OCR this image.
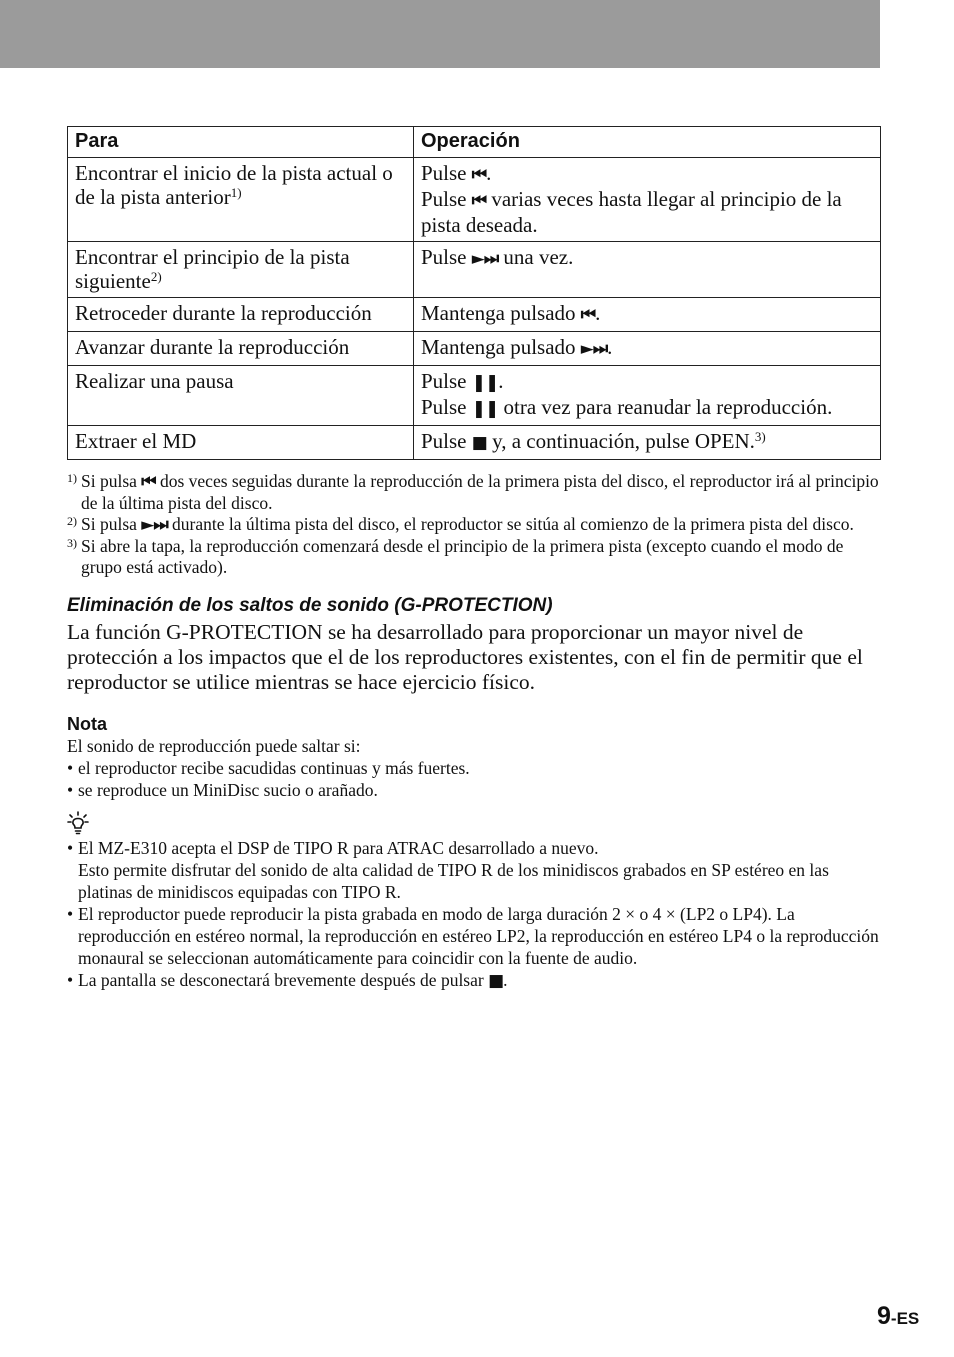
Para	Operación
Encontrar el inicio de la pista actual o de la pista anterior$^{1)}$	Pulse ⏮.
Pulse ⏮ varias veces hasta llegar al principio de la pista deseada.

Encontrar el principio de la pista siguiente$^{2)}$	Pulse ►⏭ una vez.

Retroceder durante la reproducción	Mantenga pulsado ⏮.

Avanzar durante la reproducción	Mantenga pulsado ►⏭.

Realizar una pausa	Pulse ❚❚.
Pulse ❚❚ otra vez para reanudar la reproducción.

Extraer el MD	Pulse ■ y, a continuación, pulse OPEN.$^{3)}$
1) Si pulsa ⏮ dos veces seguidas durante la reproducción de la primera pista del disco, el reproductor irá al principio de la última pista del disco.
2) Si pulsa ►⏭ durante la última pista del disco, el reproductor se sitúa al comienzo de la primera pista del disco.
3) Si abre la tapa, la reproducción comenzará desde el principio de la primera pista (excepto cuando el modo de grupo está activado).
Eliminación de los saltos de sonido (G-PROTECTION)
La función G-PROTECTION se ha desarrollado para proporcionar un mayor nivel de protección a los impactos que el de los reproductores existentes, con el fin de permitir que el reproductor se utilice mientras se hace ejercicio físico.
Nota
El sonido de reproducción puede saltar si:
• el reproductor recibe sacudidas continuas y más fuertes.
• se reproduce un MiniDisc sucio o arañado.
• El MZ-E310 acepta el DSP de TIPO R para ATRAC desarrollado a nuevo.
Esto permite disfrutar del sonido de alta calidad de TIPO R de los minidiscos grabados en SP estéreo en las platinas de minidiscos equipadas con TIPO R.
• El reproductor puede reproducir la pista grabada en modo de larga duración 2 × o 4 × (LP2 o LP4). La reproducción en estéreo normal, la reproducción en estéreo LP2, la reproducción en estéreo LP4 o la reproducción monaural se seleccionan automáticamente para coincidir con la fuente de audio.
• La pantalla se desconectará brevemente después de pulsar ■.
9-ES
